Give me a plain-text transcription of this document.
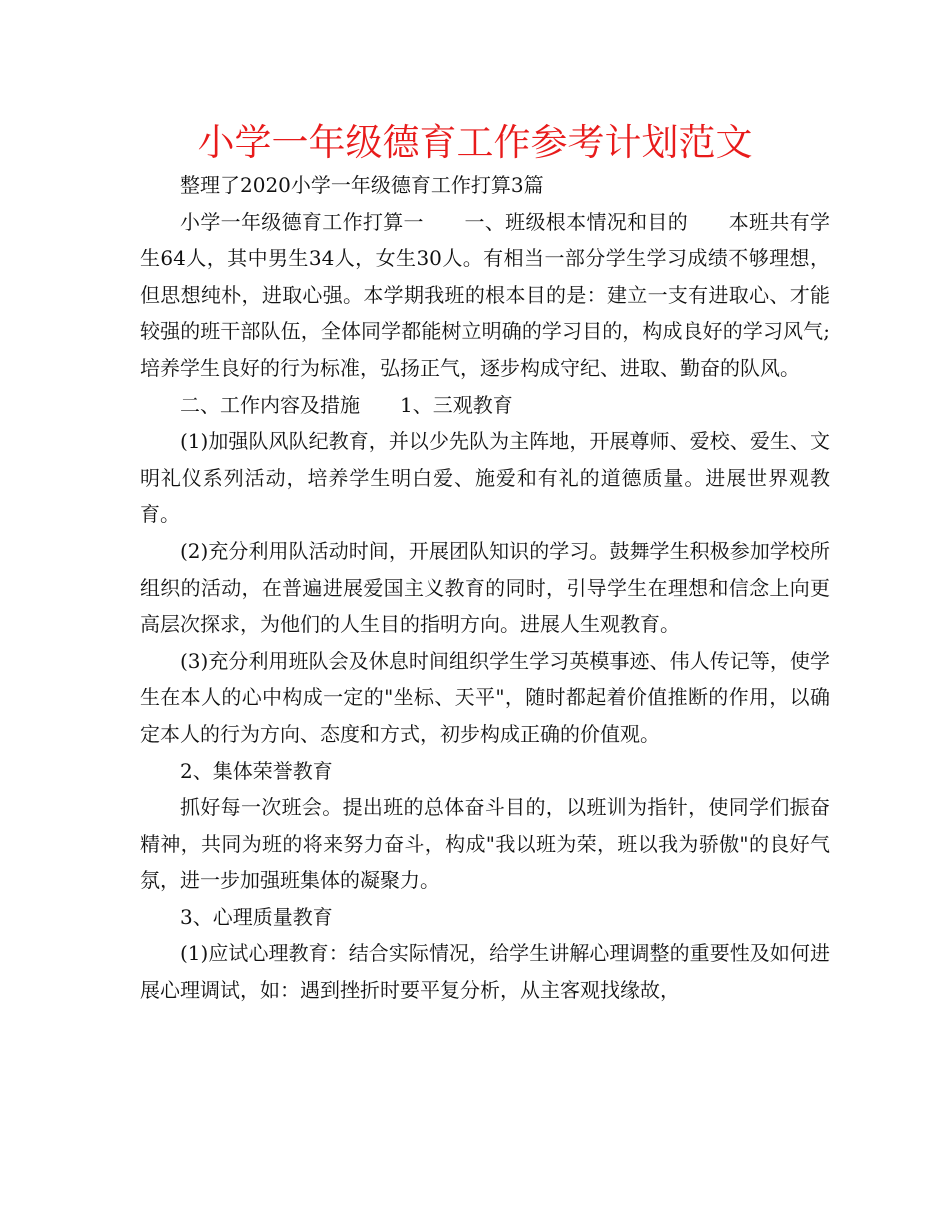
小学一年级德育工作参考计划范文

整理了2020小学一年级德育工作打算3篇

小学一年级德育工作打算一　　一、班级根本情况和目的　　本班共有学生64人，其中男生34人，女生30人。有相当一部分学生学习成绩不够理想，但思想纯朴，进取心强。本学期我班的根本目的是：建立一支有进取心、才能较强的班干部队伍，全体同学都能树立明确的学习目的，构成良好的学习风气;培养学生良好的行为标准，弘扬正气，逐步构成守纪、进取、勤奋的队风。

二、工作内容及措施　　1、三观教育

(1)加强队风队纪教育，并以少先队为主阵地，开展尊师、爱校、爱生、文明礼仪系列活动，培养学生明白爱、施爱和有礼的道德质量。进展世界观教育。

(2)充分利用队活动时间，开展团队知识的学习。鼓舞学生积极参加学校所组织的活动，在普遍进展爱国主义教育的同时，引导学生在理想和信念上向更高层次探求，为他们的人生目的指明方向。进展人生观教育。

(3)充分利用班队会及休息时间组织学生学习英模事迹、伟人传记等，使学生在本人的心中构成一定的"坐标、天平"，随时都起着价值推断的作用，以确定本人的行为方向、态度和方式，初步构成正确的价值观。

2、集体荣誉教育

抓好每一次班会。提出班的总体奋斗目的，以班训为指针，使同学们振奋精神，共同为班的将来努力奋斗，构成"我以班为荣，班以我为骄傲"的良好气氛，进一步加强班集体的凝聚力。

3、心理质量教育

(1)应试心理教育：结合实际情况，给学生讲解心理调整的重要性及如何进展心理调试，如：遇到挫折时要平复分析，从主客观找缘故，
